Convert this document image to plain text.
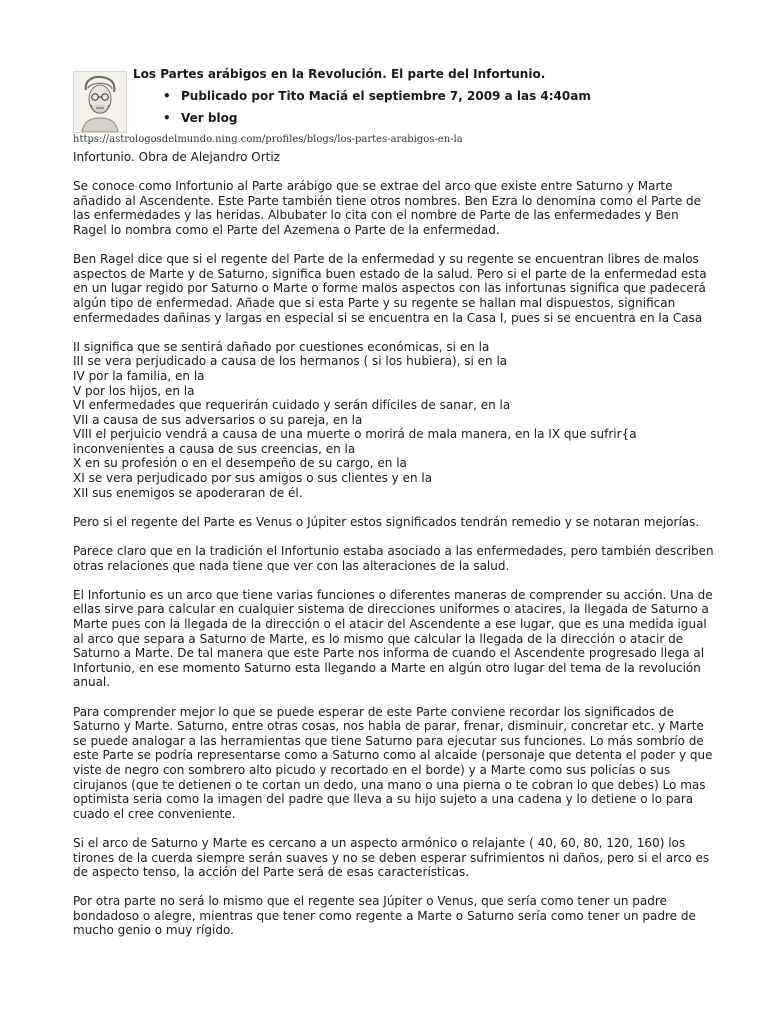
Los Partes arábigos en la Revolución. El parte del Infortunio.
• Publicado por Tito Maciá el septiembre 7, 2009 a las 4:40am
• Ver blog
https://astrologosdelmundo.ning.com/profiles/blogs/los-partes-arabigos-en-la

Infortunio. Obra de Alejandro Ortiz

Se conoce como Infortunio al Parte arábigo que se extrae del arco que existe entre Saturno y Marte
añadido al Ascendente. Este Parte también tiene otros nombres. Ben Ezra lo denomina como el Parte de
las enfermedades y las heridas. Albubater lo cita con el nombre de Parte de las enfermedades y Ben
Ragel lo nombra como el Parte del Azemena o Parte de la enfermedad.

Ben Ragel dice que si el regente del Parte de la enfermedad y su regente se encuentran libres de malos
aspectos de Marte y de Saturno, significa buen estado de la salud. Pero si el parte de la enfermedad esta
en un lugar regido por Saturno o Marte o forme malos aspectos con las infortunas significa que padecerá
algún tipo de enfermedad. Añade que si esta Parte y su regente se hallan mal dispuestos, significan
enfermedades dañinas y largas en especial si se encuentra en la Casa I, pues si se encuentra en la Casa

II significa que se sentirá dañado por cuestiones económicas, si en la
III se vera perjudicado a causa de los hermanos ( si los hubiera), si en la
IV por la familia, en la
V por los hijos, en la
VI enfermedades que requerirán cuidado y serán difíciles de sanar, en la
VII a causa de sus adversarios o su pareja, en la
VIII el perjuicio vendrá a causa de una muerte o morirá de mala manera, en la IX que sufrir{a
inconvenientes a causa de sus creencias, en la
X en su profesión o en el desempeño de su cargo, en la
XI se vera perjudicado por sus amigos o sus clientes y en la
XII sus enemigos se apoderaran de él.

Pero si el regente del Parte es Venus o Júpiter estos significados tendrán remedio y se notaran mejorías.

Parece claro que en la tradición el Infortunio estaba asociado a las enfermedades, pero también describen
otras relaciones que nada tiene que ver con las alteraciones de la salud.

El Infortunio es un arco que tiene varias funciones o diferentes maneras de comprender su acción. Una de
ellas sirve para calcular en cualquier sistema de direcciones uniformes o atacires, la llegada de Saturno a
Marte pues con la llegada de la dirección o el atacir del Ascendente a ese lugar, que es una medida igual
al arco que separa a Saturno de Marte, es lo mismo que calcular la llegada de la dirección o atacir de
Saturno a Marte. De tal manera que este Parte nos informa de cuando el Ascendente progresado llega al
Infortunio, en ese momento Saturno esta llegando a Marte en algún otro lugar del tema de la revolución
anual.

Para comprender mejor lo que se puede esperar de este Parte conviene recordar los significados de
Saturno y Marte. Saturno, entre otras cosas, nos habla de parar, frenar, disminuir, concretar etc. y Marte
se puede analogar a las herramientas que tiene Saturno para ejecutar sus funciones. Lo más sombrío de
este Parte se podría representarse como a Saturno como al alcaide (personaje que detenta el poder y que
viste de negro con sombrero alto picudo y recortado en el borde) y a Marte como sus policías o sus
cirujanos (que te detienen o te cortan un dedo, una mano o una pierna o te cobran lo que debes) Lo mas
optimista seria como la imagen del padre que lleva a su hijo sujeto a una cadena y lo detiene o lo para
cuado el cree conveniente.

Si el arco de Saturno y Marte es cercano a un aspecto armónico o relajante ( 40, 60, 80, 120, 160) los
tirones de la cuerda siempre serán suaves y no se deben esperar sufrimientos ni daños, pero si el arco es
de aspecto tenso, la acción del Parte será de esas características.

Por otra parte no será lo mismo que el regente sea Júpiter o Venus, que sería como tener un padre
bondadoso o alegre, mientras que tener como regente a Marte o Saturno sería como tener un padre de
mucho genio o muy rígido.
